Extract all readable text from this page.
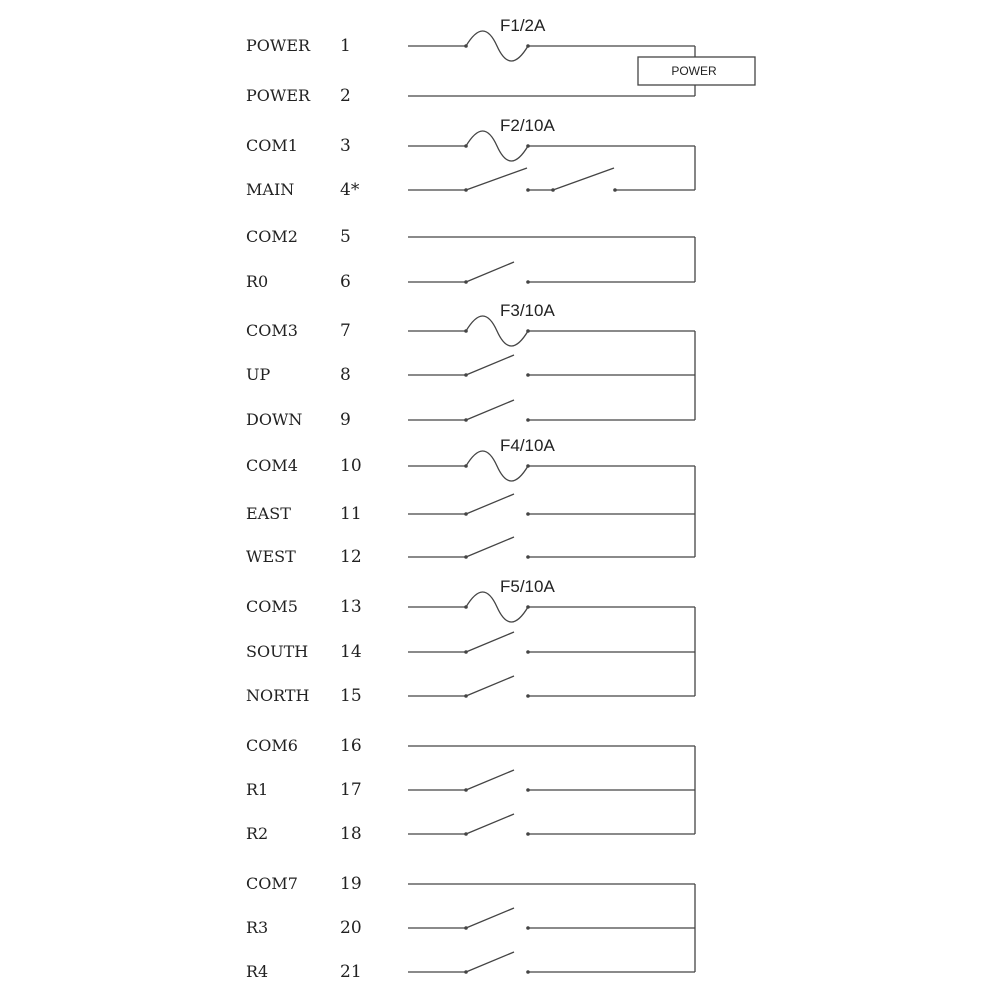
POWER 1
POWER 2
COM1 3
MAIN	4*
COM2 5
R0	6
COM3 7
UP	8
DOWN 9
COM4 10
EAST	11
WEST	12
COM5 13
SOUTH 14
NORTH 15
COM6 16
R1	17
R2	18
COM7 19
R3	20
R4	21
F1/2A
F2/10A
F3/10A
F4/10A
F5/10A
POWER
